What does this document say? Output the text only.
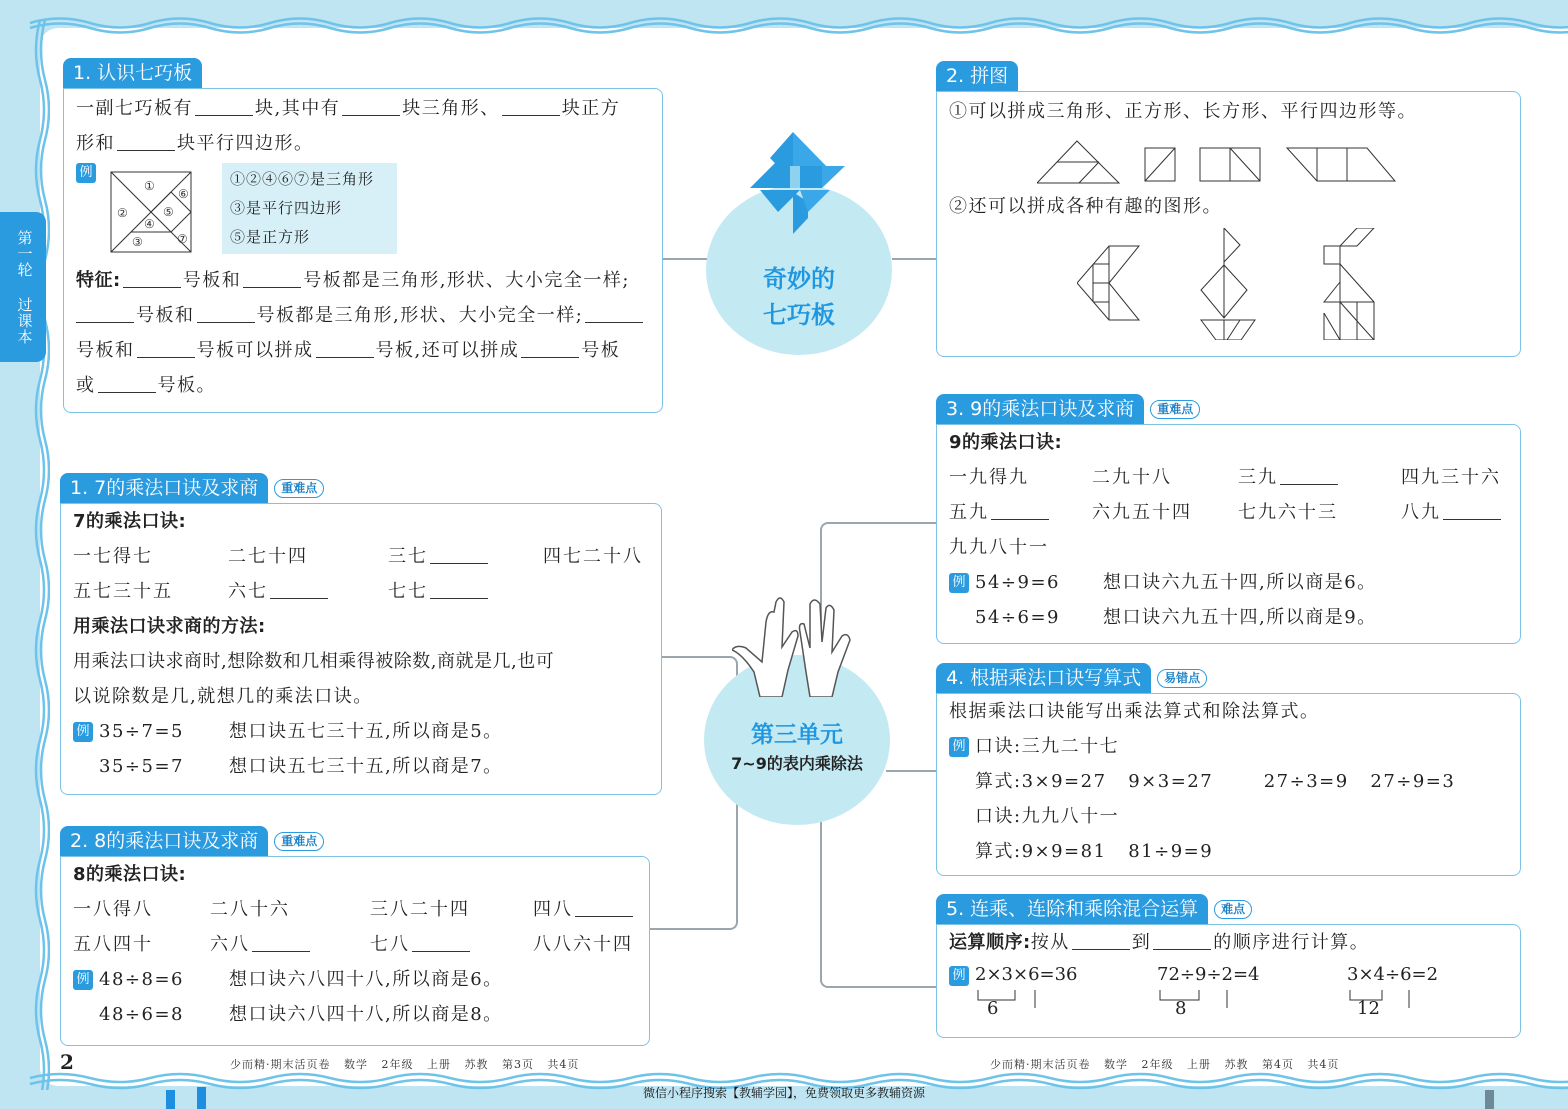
第一轮 过课本	奇妙的
七巧板
第三单元
7~9的表内乘除法
1. 认识七巧板
一副七巧板有	块,其中有	块三角形、	块正方
形和	块平行四边形。
例
①
②
③
④
⑤
⑥
⑦
①②④⑥⑦是三角形
③是平行四边形
⑤是正方形
特征:	号板和	号板都是三角形,形状、大小完全一样;
号板和	号板都是三角形,形状、大小完全一样;
号板和	号板可以拼成	号板,还可以拼成	号板
或	号板。
2. 拼图
①可以拼成三角形、正方形、长方形、平行四边形等。
②还可以拼成各种有趣的图形。
1. 7的乘法口诀及求商	重难点
7的乘法口诀:
一七得七	二七十四	三七	四七二十八
五七三十五	六七	七七
用乘法口诀求商的方法:
用乘法口诀求商时,想除数和几相乘得被除数,商就是几,也可
以说除数是几,就想几的乘法口诀。
例 35÷7=5	想口诀五七三十五,所以商是5。
35÷5=7	想口诀五七三十五,所以商是7。
2. 8的乘法口诀及求商	重难点
8的乘法口诀:
一八得八	二八十六	三八二十四	四八
五八四十	六八	七八	八八六十四
例 48÷8=6	想口诀六八四十八,所以商是6。
48÷6=8	想口诀六八四十八,所以商是8。
3. 9的乘法口诀及求商	重难点
9的乘法口诀:
一九得九	二九十八	三九	四九三十六
五九	六九五十四	七九六十三	八九
九九八十一
例 54÷9=6 想口诀六九五十四,所以商是6。
54÷6=9 想口诀六九五十四,所以商是9。
4. 根据乘法口诀写算式	易错点
根据乘法口诀能写出乘法算式和除法算式。
例 口诀:三九二十七
算式:3×9=27   9×3=27       27÷3=9   27÷9=3
口诀:九九八十一
算式:9×9=81   81÷9=9
5. 连乘、连除和乘除混合运算	难点
运算顺序:按从	到	的顺序进行计算。
例 2×3×6=36
6
72÷9÷2=4
8
3×4÷6=2
12
2	少而精·期末活页卷   数学   2年级   上册   苏教   第3页   共4页	少而精·期末活页卷   数学   2年级   上册   苏教   第4页   共4页
微信小程序搜索【教辅学园】，免费领取更多教辅资源
